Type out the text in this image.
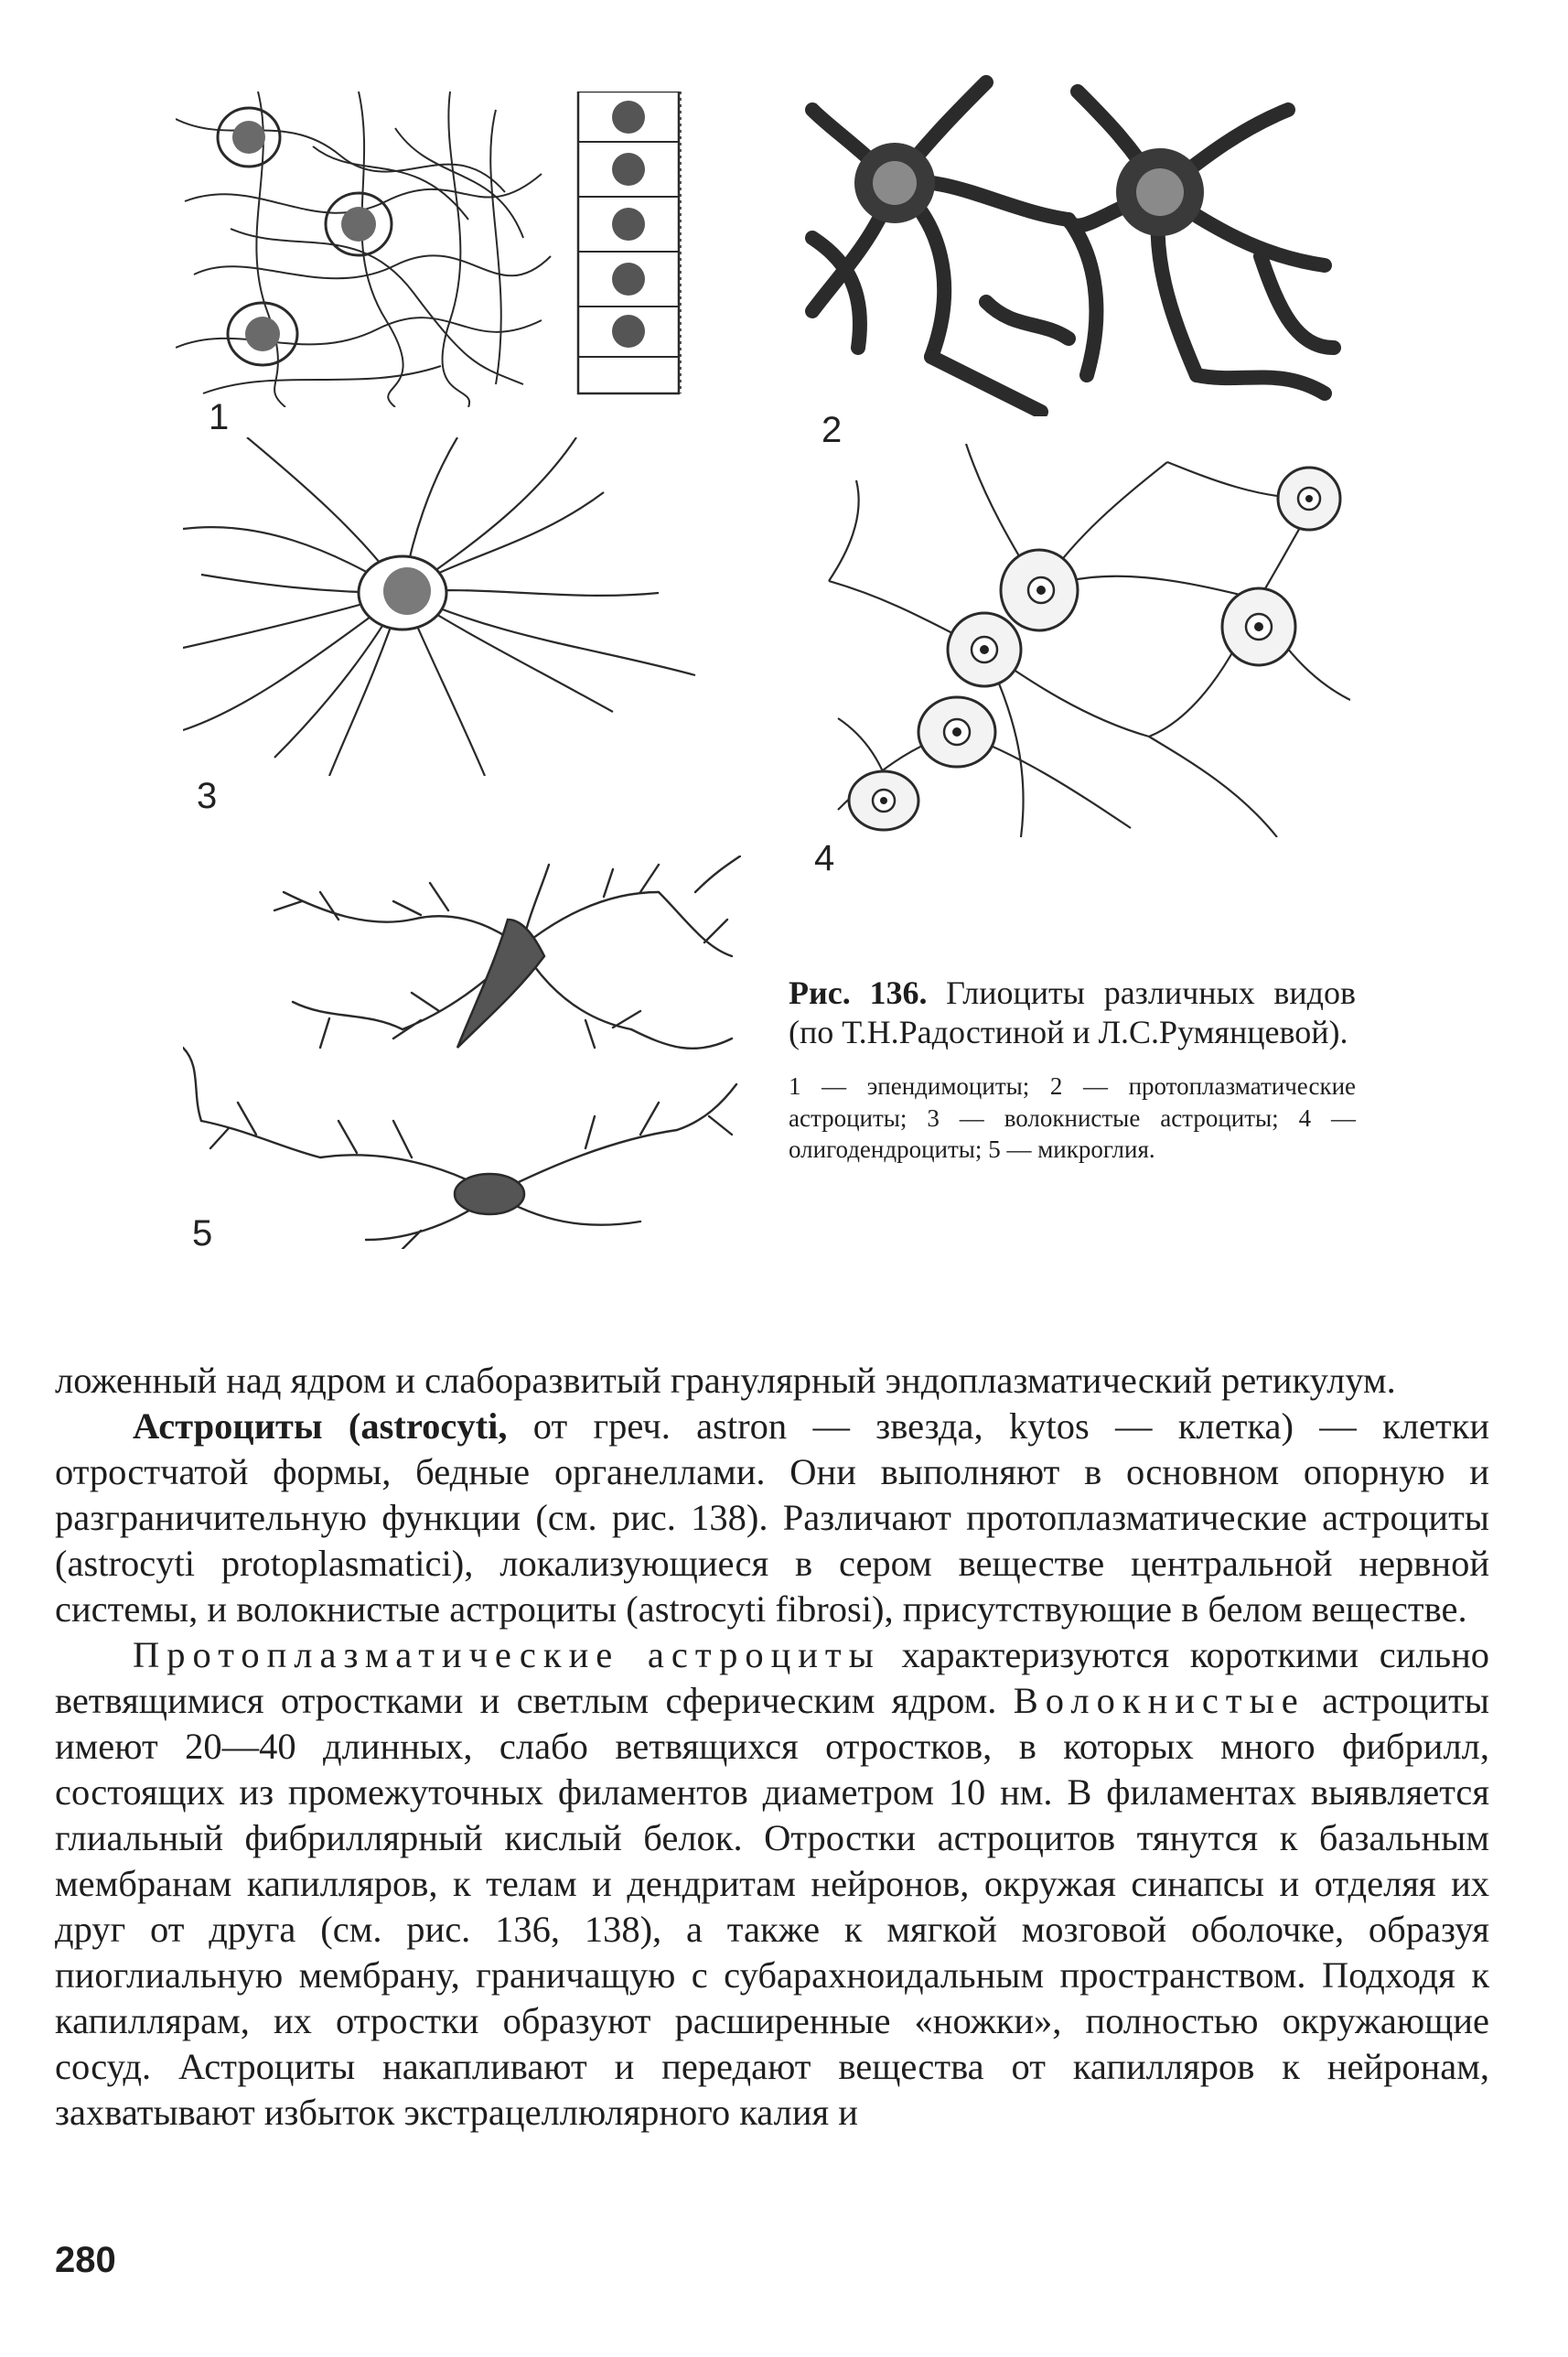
1	2
3
4
5

Рис. 136. Глиоциты различных видов (по Т.Н.Радостиной и Л.С.Румянцевой).

1 — эпендимоциты; 2 — протоплазматические астроциты; 3 — волокнистые астроциты; 4 — олигодендроциты; 5 — микроглия.

ложенный над ядром и слаборазвитый гранулярный эндоплазматический ретикулум.

Астроциты (astrocyti, от греч. astron — звезда, kytos — клетка) — клетки отростчатой формы, бедные органеллами. Они выполняют в основном опорную и разграничительную функции (см. рис. 138). Различают протоплазматические астроциты (astrocyti protoplasmatici), локализующиеся в сером веществе центральной нервной системы, и волокнистые астроциты (astrocyti fibrosi), присутствующие в белом веществе.

Протоплазматические астроциты характеризуются короткими сильно ветвящимися отростками и светлым сферическим ядром. Волокнистые астроциты имеют 20—40 длинных, слабо ветвящихся отростков, в которых много фибрилл, состоящих из промежуточных филаментов диаметром 10 нм. В филаментах выявляется глиальный фибриллярный кислый белок. Отростки астроцитов тянутся к базальным мембранам капилляров, к телам и дендритам нейронов, окружая синапсы и отделяя их друг от друга (см. рис. 136, 138), а также к мягкой мозговой оболочке, образуя пиоглиальную мембрану, граничащую с субарахноидальным пространством. Подходя к капиллярам, их отростки образуют расширенные «ножки», полностью окружающие сосуд. Астроциты накапливают и передают вещества от капилляров к нейронам, захватывают избыток экстрацеллюлярного калия и

280
